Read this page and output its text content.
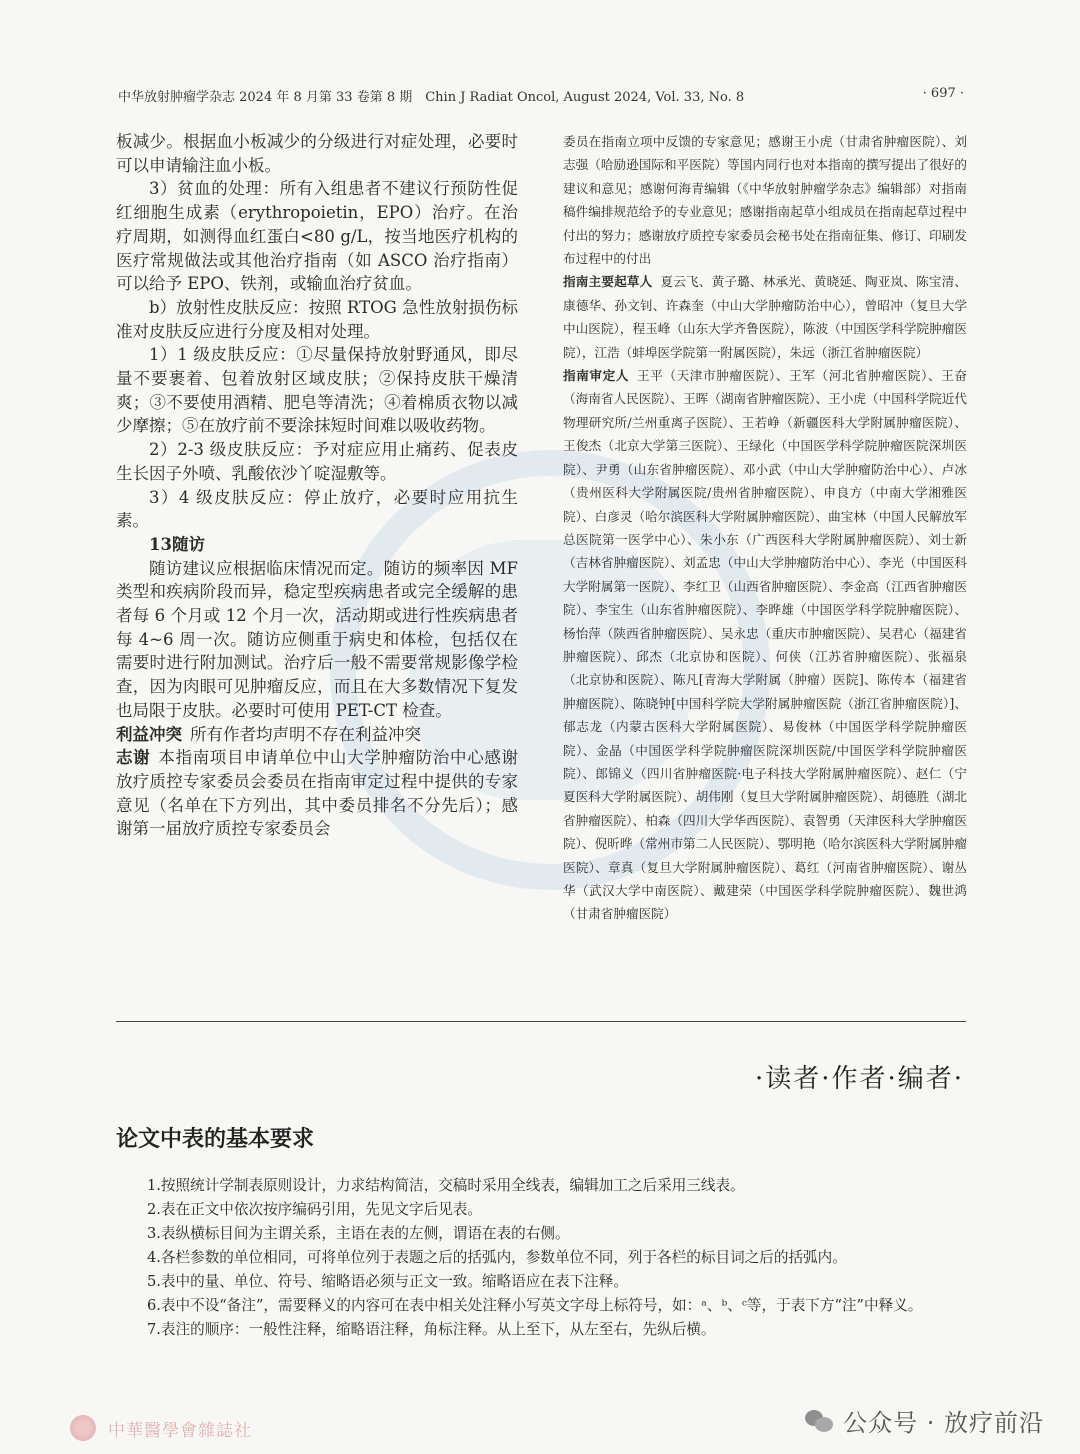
中华放射肿瘤学杂志 2024 年 8 月第 33 卷第 8 期　Chin J Radiat Oncol, August 2024, Vol. 33, No. 8	· 697 ·

板减少。根据血小板减少的分级进行对症处理，必要时可以申请输注血小板。

3）贫血的处理：所有入组患者不建议行预防性促红细胞生成素（erythropoietin，EPO）治疗。在治疗周期，如测得血红蛋白<80 g/L，按当地医疗机构的医疗常规做法或其他治疗指南（如 ASCO 治疗指南）可以给予 EPO、铁剂，或输血治疗贫血。

b）放射性皮肤反应：按照 RTOG 急性放射损伤标准对皮肤反应进行分度及相对处理。

1）1 级皮肤反应：①尽量保持放射野通风，即尽量不要裹着、包着放射区域皮肤；②保持皮肤干燥清爽；③不要使用酒精、肥皂等清洗；④着棉质衣物以减少摩擦；⑤在放疗前不要涂抹短时间难以吸收药物。

2）2-3 级皮肤反应：予对症应用止痛药、促表皮生长因子外喷、乳酸依沙丫啶湿敷等。

3）4 级皮肤反应：停止放疗，必要时应用抗生素。

13随访

随访建议应根据临床情况而定。随访的频率因 MF 类型和疾病阶段而异，稳定型疾病患者或完全缓解的患者每 6 个月或 12 个月一次，活动期或进行性疾病患者每 4~6 周一次。随访应侧重于病史和体检，包括仅在需要时进行附加测试。治疗后一般不需要常规影像学检查，因为肉眼可见肿瘤反应，而且在大多数情况下复发也局限于皮肤。必要时可使用 PET-CT 检查。

利益冲突 所有作者均声明不存在利益冲突

志谢 本指南项目申请单位中山大学肿瘤防治中心感谢放疗质控专家委员会委员在指南审定过程中提供的专家意见（名单在下方列出，其中委员排名不分先后）；感谢第一届放疗质控专家委员会

委员在指南立项中反馈的专家意见；感谢王小虎（甘肃省肿瘤医院）、刘志强（哈励逊国际和平医院）等国内同行也对本指南的撰写提出了很好的建议和意见；感谢何海青编辑（《中华放射肿瘤学杂志》编辑部）对指南稿件编排规范给予的专业意见；感谢指南起草小组成员在指南起草过程中付出的努力；感谢放疗质控专家委员会秘书处在指南征集、修订、印刷发布过程中的付出

指南主要起草人 夏云飞、黄子璐、林承光、黄晓延、陶亚岚、陈宝清、康德华、孙文钊、许森奎（中山大学肿瘤防治中心），曾昭冲（复旦大学中山医院），程玉峰（山东大学齐鲁医院），陈波（中国医学科学院肿瘤医院），江浩（蚌埠医学院第一附属医院），朱远（浙江省肿瘤医院）

指南审定人 王平（天津市肿瘤医院）、王军（河北省肿瘤医院）、王奋（海南省人民医院）、王晖（湖南省肿瘤医院）、王小虎（中国科学院近代物理研究所/兰州重离子医院）、王若峥（新疆医科大学附属肿瘤医院）、王俊杰（北京大学第三医院）、王绿化（中国医学科学院肿瘤医院深圳医院）、尹勇（山东省肿瘤医院）、邓小武（中山大学肿瘤防治中心）、卢冰（贵州医科大学附属医院/贵州省肿瘤医院）、申良方（中南大学湘雅医院）、白彦灵（哈尔滨医科大学附属肿瘤医院）、曲宝林（中国人民解放军总医院第一医学中心）、朱小东（广西医科大学附属肿瘤医院）、刘士新（吉林省肿瘤医院）、刘孟忠（中山大学肿瘤防治中心）、李光（中国医科大学附属第一医院）、李红卫（山西省肿瘤医院）、李金高（江西省肿瘤医院）、李宝生（山东省肿瘤医院）、李晔雄（中国医学科学院肿瘤医院）、杨怡萍（陕西省肿瘤医院）、吴永忠（重庆市肿瘤医院）、吴君心（福建省肿瘤医院）、邱杰（北京协和医院）、何侠（江苏省肿瘤医院）、张福泉（北京协和医院）、陈凡[青海大学附属（肿瘤）医院]、陈传本（福建省肿瘤医院）、陈晓钟[中国科学院大学附属肿瘤医院（浙江省肿瘤医院）]、郁志龙（内蒙古医科大学附属医院）、易俊林（中国医学科学院肿瘤医院）、金晶（中国医学科学院肿瘤医院深圳医院/中国医学科学院肿瘤医院）、郎锦义（四川省肿瘤医院·电子科技大学附属肿瘤医院）、赵仁（宁夏医科大学附属医院）、胡伟刚（复旦大学附属肿瘤医院）、胡德胜（湖北省肿瘤医院）、柏森（四川大学华西医院）、袁智勇（天津医科大学肿瘤医院）、倪昕晔（常州市第二人民医院）、鄂明艳（哈尔滨医科大学附属肿瘤医院）、章真（复旦大学附属肿瘤医院）、葛红（河南省肿瘤医院）、谢丛华（武汉大学中南医院）、戴建荣（中国医学科学院肿瘤医院）、魏世鸿（甘肃省肿瘤医院）

·读者·作者·编者·
论文中表的基本要求
1.按照统计学制表原则设计，力求结构简洁，交稿时采用全线表，编辑加工之后采用三线表。
2.表在正文中依次按序编码引用，先见文字后见表。
3.表纵横标目间为主谓关系，主语在表的左侧，谓语在表的右侧。
4.各栏参数的单位相同，可将单位列于表题之后的括弧内，参数单位不同，列于各栏的标目词之后的括弧内。
5.表中的量、单位、符号、缩略语必须与正文一致。缩略语应在表下注释。
6.表中不设“备注”，需要释义的内容可在表中相关处注释小写英文字母上标符号，如：ᵃ、ᵇ、ᶜ等，于表下方“注”中释义。
7.表注的顺序：一般性注释，缩略语注释，角标注释。从上至下，从左至右，先纵后横。
中華醫學會雜誌社	公众号 · 放疗前沿
